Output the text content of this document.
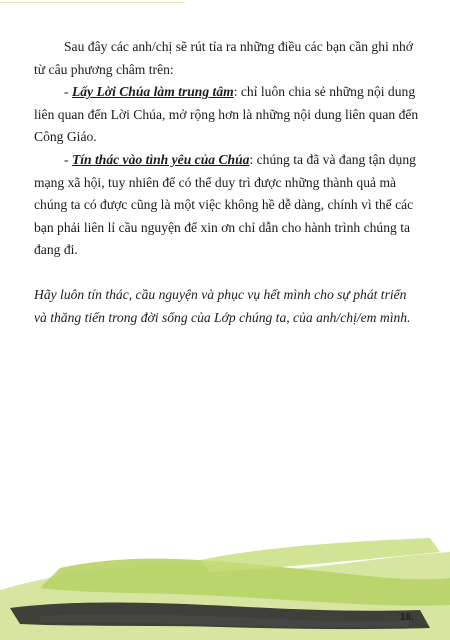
Sau đây các anh/chị sẽ rút tỉa ra những điều các bạn cần ghi nhớ từ câu phương châm trên:

- Lấy Lời Chúa làm trung tâm: chỉ luôn chia sẻ những nội dung liên quan đến Lời Chúa, mở rộng hơn là những nội dung liên quan đến Công Giáo.

- Tín thác vào tình yêu của Chúa: chúng ta đã và đang tận dụng mạng xã hội, tuy nhiên để có thể duy trì được những thành quả mà chúng ta có được cũng là một việc không hề dễ dàng, chính vì thế các bạn phải liên lỉ cầu nguyện để xin ơn chỉ dẫn cho hành trình chúng ta đang đi.

Hãy luôn tín thác, cầu nguyện và phục vụ hết mình cho sự phát triển và thăng tiến trong đời sống của Lớp chúng ta, của anh/chị/em mình.

18.
